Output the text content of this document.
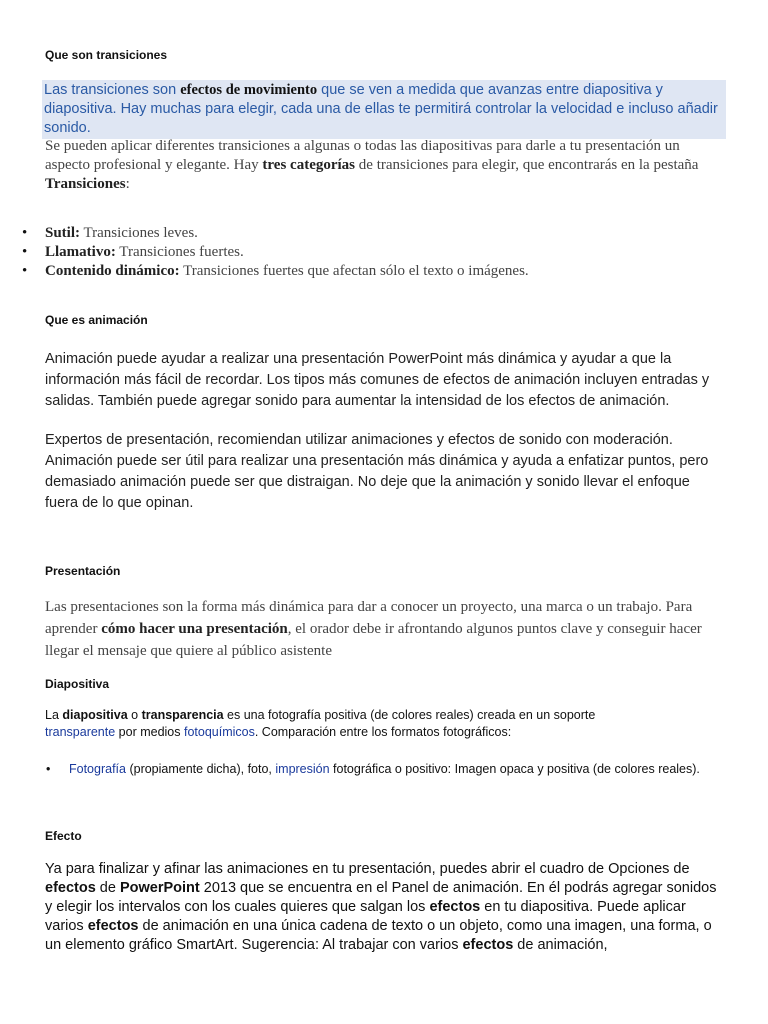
Que son transiciones
Las transiciones son efectos de movimiento que se ven a medida que avanzas entre diapositiva y diapositiva. Hay muchas para elegir, cada una de ellas te permitirá controlar la velocidad e incluso añadir sonido.
Se pueden aplicar diferentes transiciones a algunas o todas las diapositivas para darle a tu presentación un aspecto profesional y elegante. Hay tres categorías de transiciones para elegir, que encontrarás en la pestaña Transiciones:
• Sutil: Transiciones leves.
• Llamativo: Transiciones fuertes.
• Contenido dinámico: Transiciones fuertes que afectan sólo el texto o imágenes.
Que es animación
Animación puede ayudar a realizar una presentación PowerPoint más dinámica y ayudar a que la información más fácil de recordar. Los tipos más comunes de efectos de animación incluyen entradas y salidas. También puede agregar sonido para aumentar la intensidad de los efectos de animación.
Expertos de presentación, recomiendan utilizar animaciones y efectos de sonido con moderación. Animación puede ser útil para realizar una presentación más dinámica y ayuda a enfatizar puntos, pero demasiado animación puede ser que distraigan. No deje que la animación y sonido llevar el enfoque fuera de lo que opinan.
Presentación
Las presentaciones son la forma más dinámica para dar a conocer un proyecto, una marca o un trabajo. Para aprender cómo hacer una presentación, el orador debe ir afrontando algunos puntos clave y conseguir hacer llegar el mensaje que quiere al público asistente
Diapositiva
La diapositiva o transparencia es una fotografía positiva (de colores reales) creada en un soporte transparente por medios fotoquímicos. Comparación entre los formatos fotográficos:
• Fotografía (propiamente dicha), foto, impresión fotográfica o positivo: Imagen opaca y positiva (de colores reales).
Efecto
Ya para finalizar y afinar las animaciones en tu presentación, puedes abrir el cuadro de Opciones de efectos de PowerPoint 2013 que se encuentra en el Panel de animación. En él podrás agregar sonidos y elegir los intervalos con los cuales quieres que salgan los efectos en tu diapositiva. Puede aplicar varios efectos de animación en una única cadena de texto o un objeto, como una imagen, una forma, o un elemento gráfico SmartArt. Sugerencia: Al trabajar con varios efectos de animación,
